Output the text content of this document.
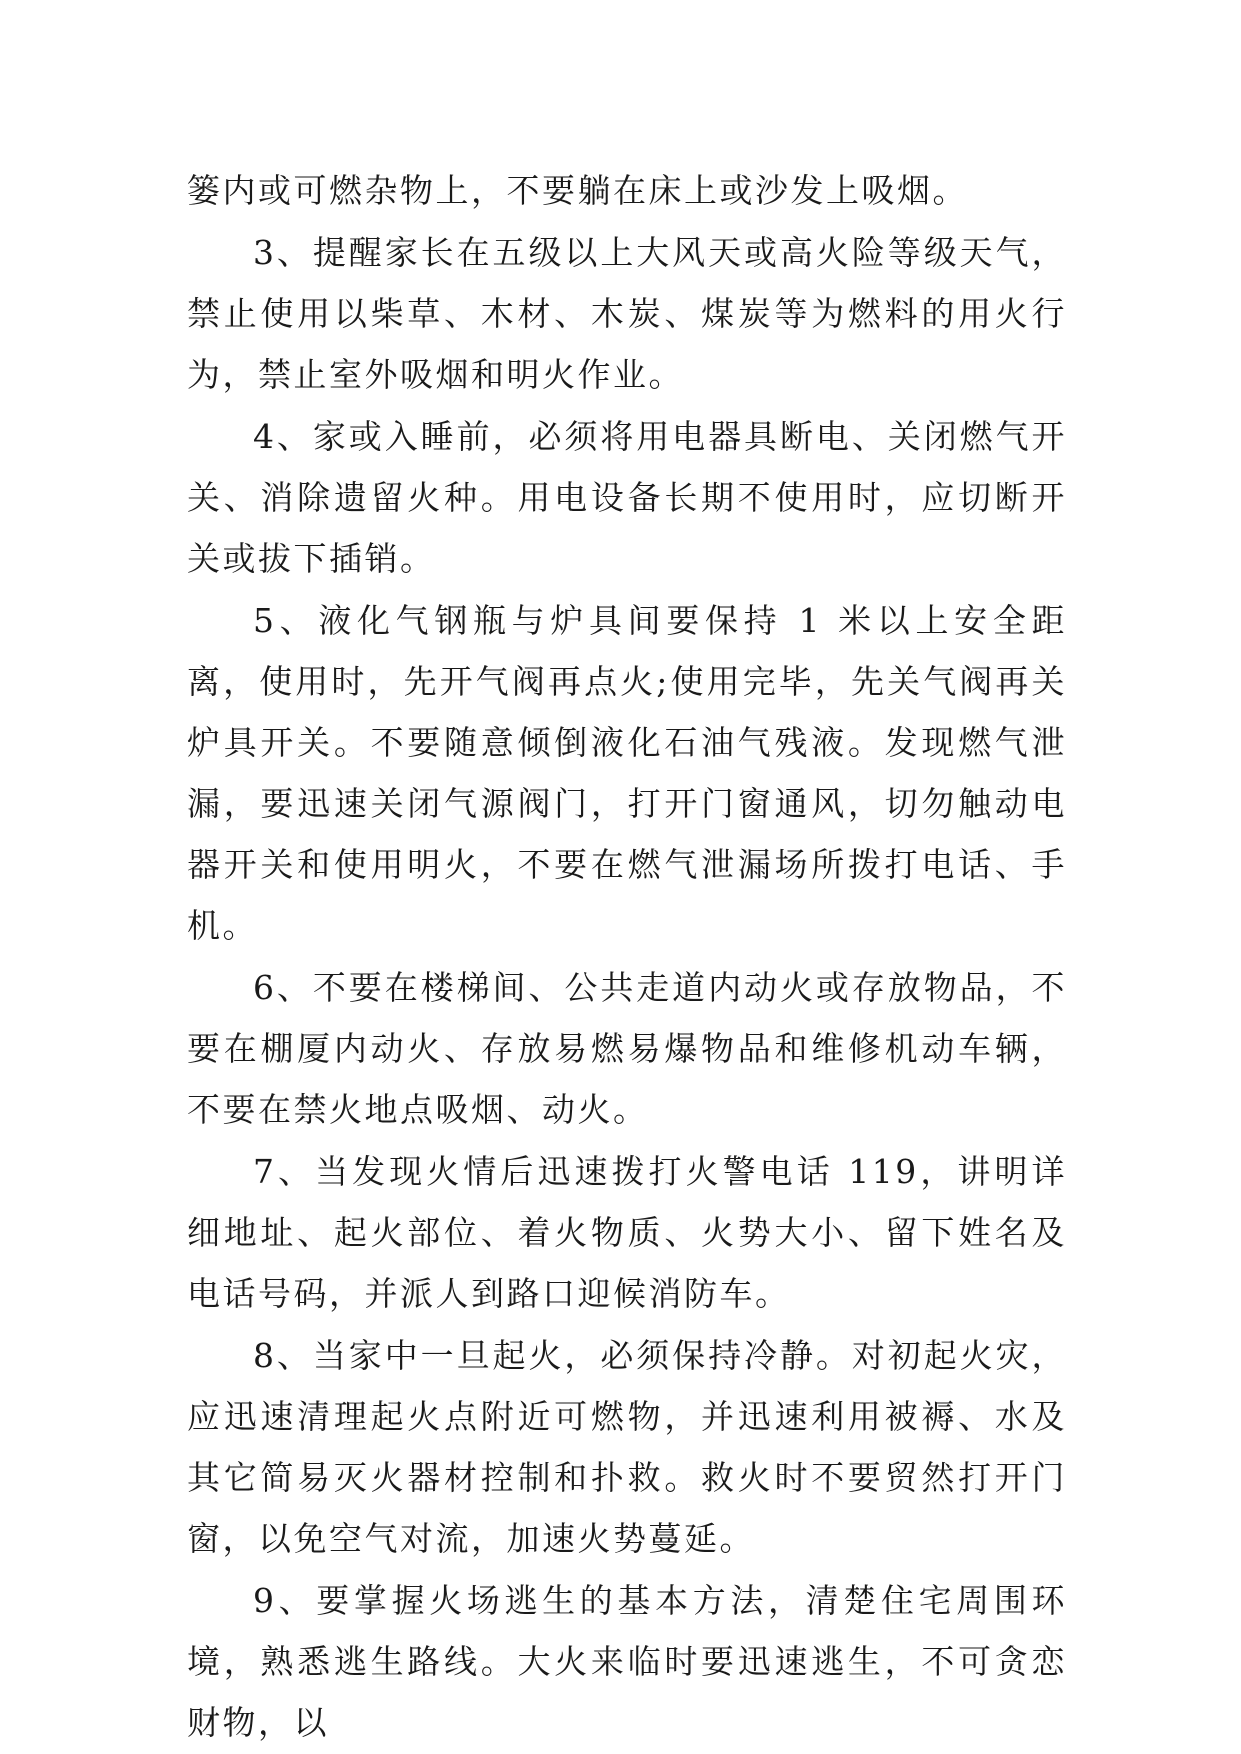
篓内或可燃杂物上，不要躺在床上或沙发上吸烟。

3、提醒家长在五级以上大风天或高火险等级天气，禁止使用以柴草、木材、木炭、煤炭等为燃料的用火行为，禁止室外吸烟和明火作业。

4、家或入睡前，必须将用电器具断电、关闭燃气开关、消除遗留火种。用电设备长期不使用时，应切断开关或拔下插销。

5、液化气钢瓶与炉具间要保持 1 米以上安全距离，使用时，先开气阀再点火;使用完毕，先关气阀再关炉具开关。不要随意倾倒液化石油气残液。发现燃气泄漏，要迅速关闭气源阀门，打开门窗通风，切勿触动电器开关和使用明火，不要在燃气泄漏场所拨打电话、手机。

6、不要在楼梯间、公共走道内动火或存放物品，不要在棚厦内动火、存放易燃易爆物品和维修机动车辆，不要在禁火地点吸烟、动火。

7、当发现火情后迅速拨打火警电话 119，讲明详细地址、起火部位、着火物质、火势大小、留下姓名及电话号码，并派人到路口迎候消防车。

8、当家中一旦起火，必须保持冷静。对初起火灾，应迅速清理起火点附近可燃物，并迅速利用被褥、水及其它简易灭火器材控制和扑救。救火时不要贸然打开门窗，以免空气对流，加速火势蔓延。

9、要掌握火场逃生的基本方法，清楚住宅周围环境，熟悉逃生路线。大火来临时要迅速逃生，不可贪恋财物，以
